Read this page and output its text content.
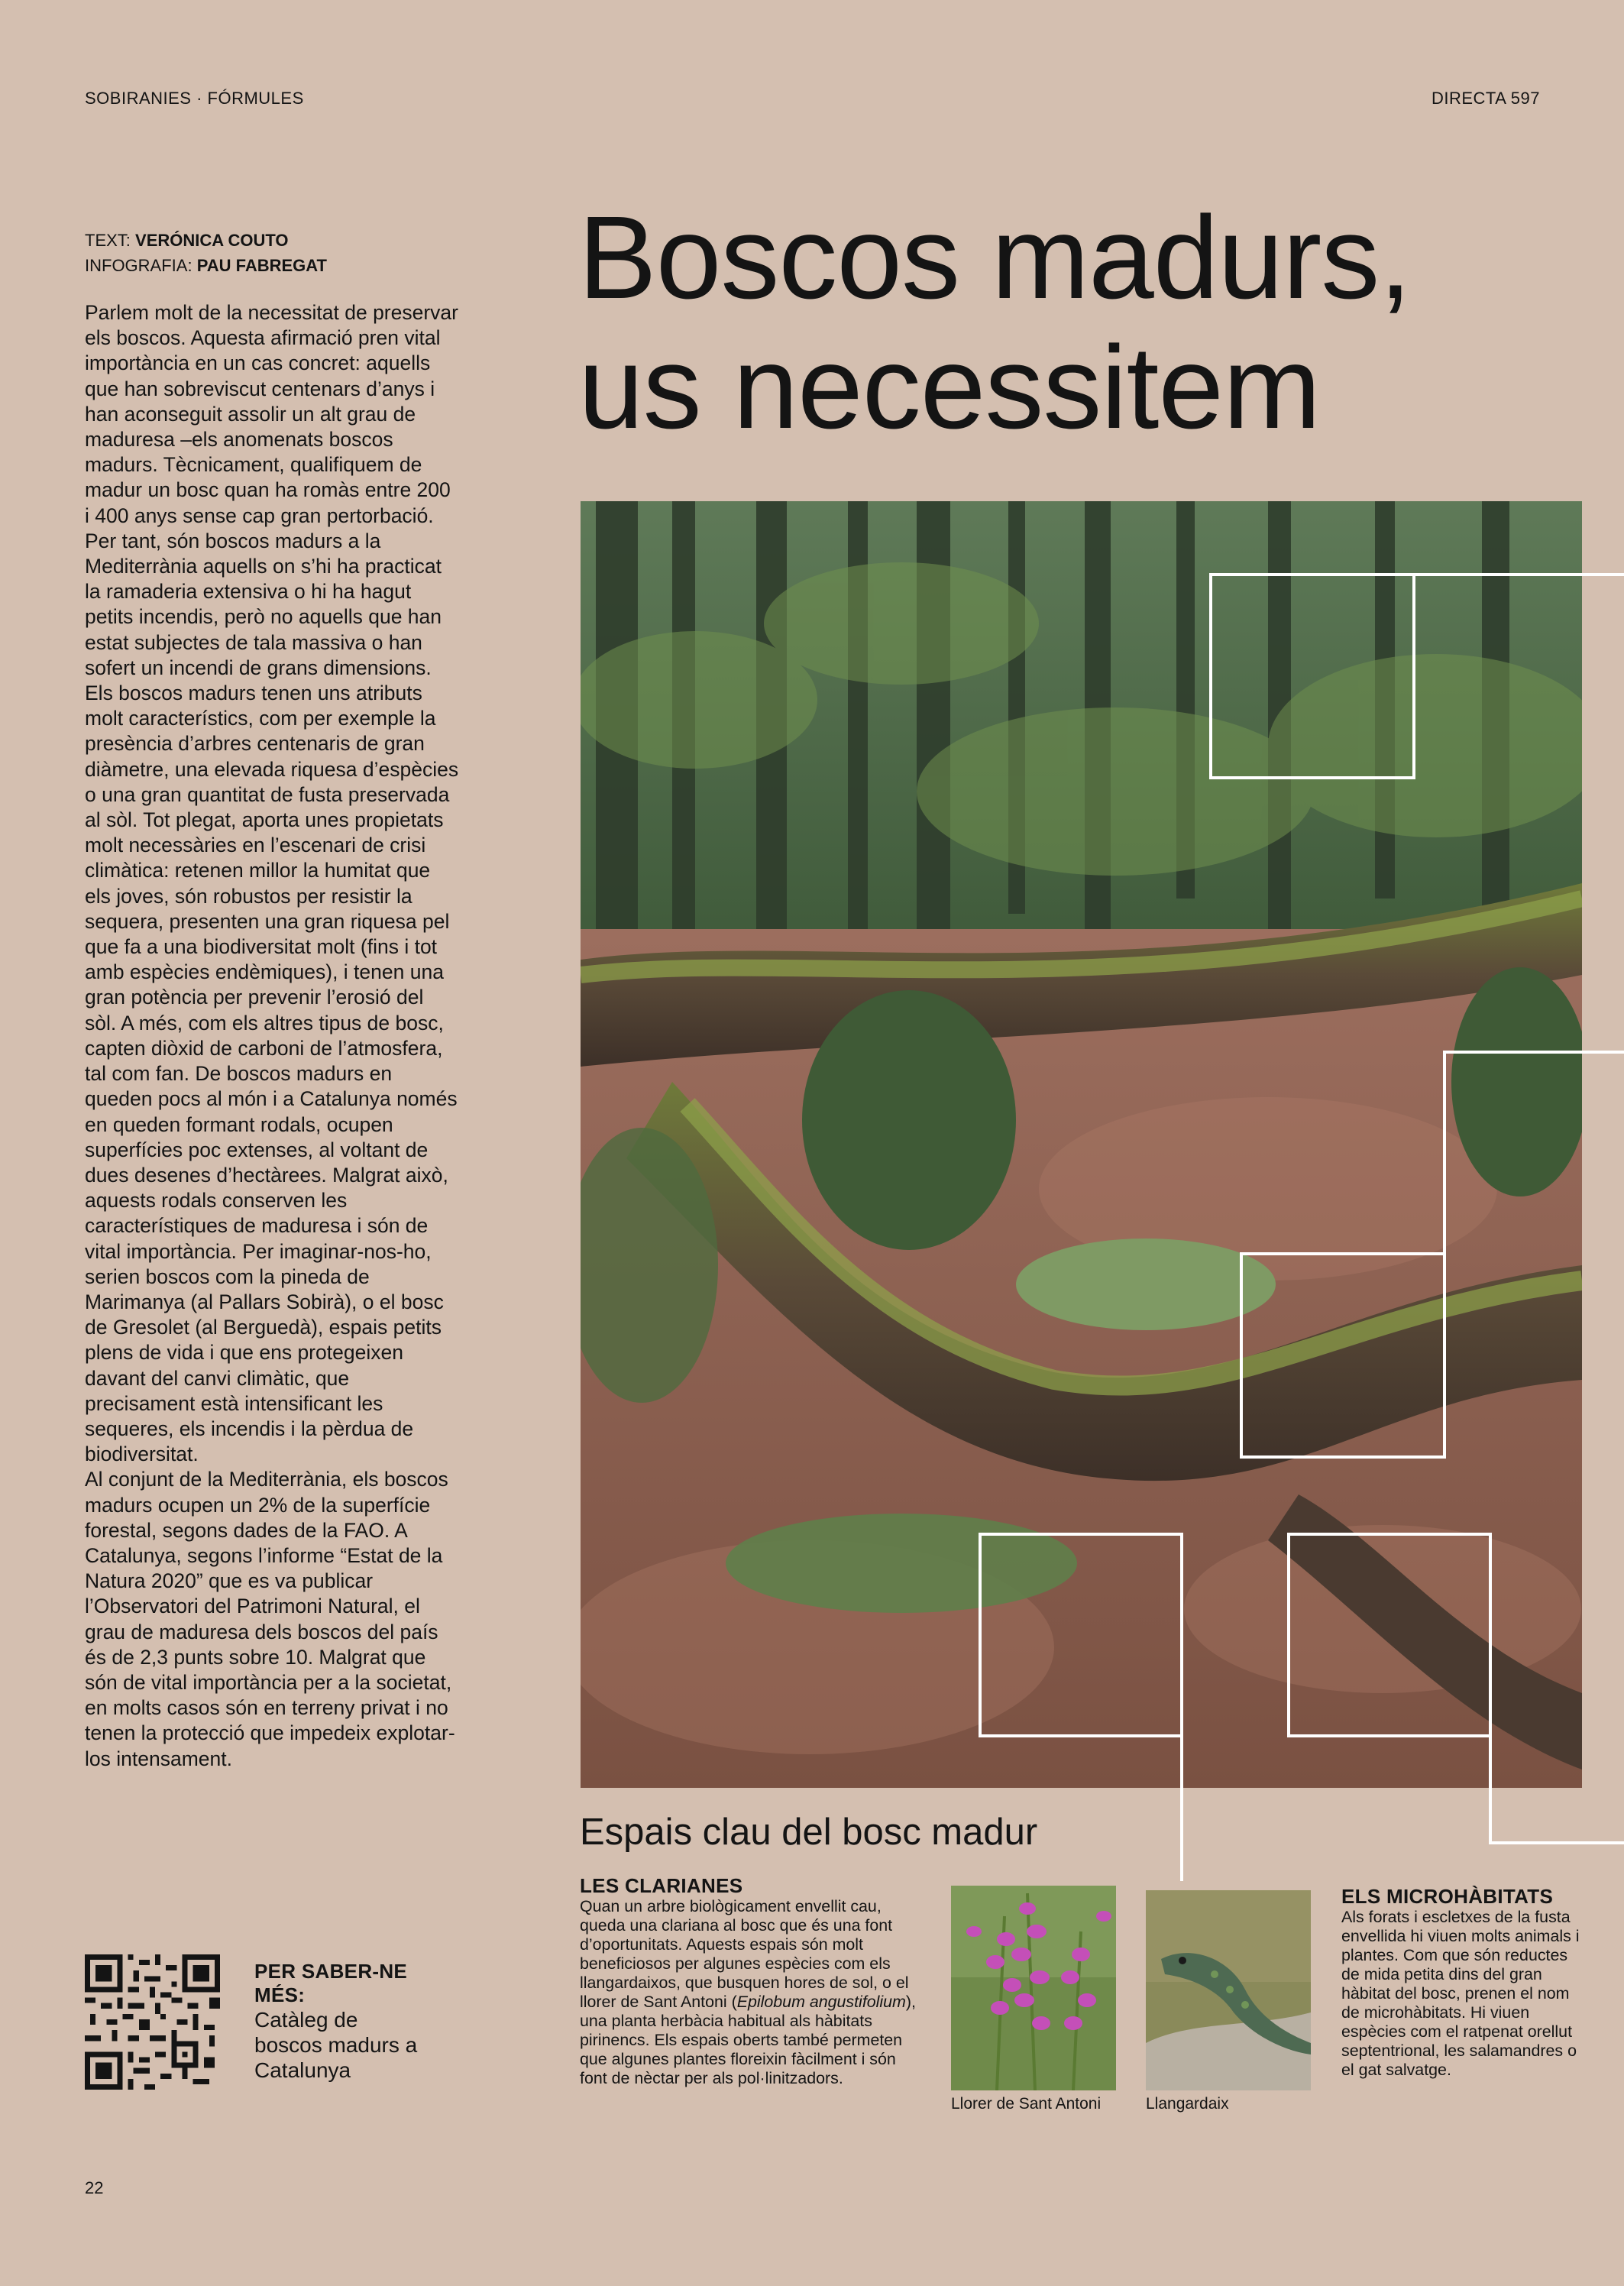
SOBIRANIES · FÓRMULES	DIRECTA 597
TEXT: VERÓNICA COUTO
INFOGRAFIA: PAU FABREGAT

Parlem molt de la necessitat de preservar els boscos. Aquesta afirmació pren vital importància en un cas concret: aquells que han sobreviscut centenars d’anys i han aconseguit assolir un alt grau de maduresa –els anomenats boscos madurs. Tècnicament, qualifiquem de madur un bosc quan ha romàs entre 200 i 400 anys sense cap gran pertorbació. Per tant, són boscos madurs a la Mediterrània aquells on s’hi ha practicat la ramaderia extensiva o hi ha hagut petits incendis, però no aquells que han estat subjectes de tala massiva o han sofert un incendi de grans dimensions.

Els boscos madurs tenen uns atributs molt característics, com per exemple la presència d’arbres centenaris de gran diàmetre, una elevada riquesa d’espècies o una gran quantitat de fusta preservada al sòl. Tot plegat, aporta unes propietats molt necessàries en l’escenari de crisi climàtica: retenen millor la humitat que els joves, són robustos per resistir la sequera, presenten una gran riquesa pel que fa a una biodiversitat molt (fins i tot amb espècies endèmiques), i tenen una gran potència per prevenir l’erosió del sòl. A més, com els altres tipus de bosc, capten diòxid de carboni de l’atmosfera, tal com fan. De boscos madurs en queden pocs al món i a Catalunya només en queden formant rodals, ocupen superfícies poc extenses, al voltant de dues desenes d’hectàrees. Malgrat això, aquests rodals conserven les característiques de maduresa i són de vital importància. Per imaginar-nos-ho, serien boscos com la pineda de Marimanya (al Pallars Sobirà), o el bosc de Gresolet (al Berguedà), espais petits plens de vida i que ens protegeixen davant del canvi climàtic, que precisament està intensificant les sequeres, els incendis i la pèrdua de biodiversitat.

Al conjunt de la Mediterrània, els boscos madurs ocupen un 2% de la superfície forestal, segons dades de la FAO. A Catalunya, segons l’informe “Estat de la Natura 2020” que es va publicar l’Observatori del Patrimoni Natural, el grau de maduresa dels boscos del país és de 2,3 punts sobre 10. Malgrat que són de vital importància per a la societat, en molts casos són en terreny privat i no tenen la protecció que impedeix explotar-los intensament.

Boscos madurs,
us necessitem
Espais clau del bosc madur
LES CLARIANES
Quan un arbre biològicament envellit cau, queda una clariana al bosc que és una font d’oportunitats. Aquests espais són molt beneficiosos per algunes espècies com els llangardaixos, que busquen hores de sol, o el llorer de Sant Antoni (Epilobum angustifolium), una planta herbàcia habitual als hàbitats pirinencs. Els espais oberts també permeten que algunes plantes floreixin fàcilment i són font de nèctar per als pol·linitzadors.
Llorer de Sant Antoni	Llangardaix
ELS MICROHÀBITATS
Als forats i escletxes de la fusta envellida hi viuen molts animals i plantes. Com que són reductes de mida petita dins del gran hàbitat del bosc, prenen el nom de microhàbitats. Hi viuen espècies com el ratpenat orellut septentrional, les salamandres o el gat salvatge.
PER SABER-NE MÉS:
Catàleg de boscos madurs a Catalunya
22
